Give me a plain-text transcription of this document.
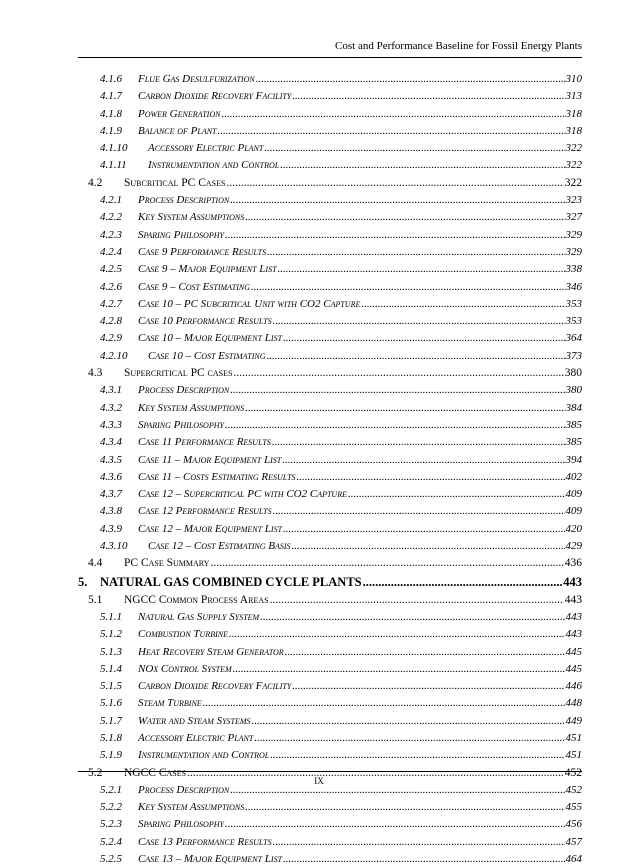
Cost and Performance Baseline for Fossil Energy Plants
4.1.6	Flue Gas Desulfurization .....	310
4.1.7	Carbon Dioxide Recovery Facility .....	313
4.1.8	Power Generation .....	318
4.1.9	Balance of Plant .....	318
4.1.10	Accessory Electric Plant .....	322
4.1.11	Instrumentation and Control .....	322
4.2	Subcritical PC Cases .....	322
4.2.1	Process Description .....	323
4.2.2	Key System Assumptions .....	327
4.2.3	Sparing Philosophy .....	329
4.2.4	Case 9 Performance Results .....	329
4.2.5	Case 9 – Major Equipment List .....	338
4.2.6	Case 9 – Cost Estimating .....	346
4.2.7	Case 10 – PC Subcritical Unit with CO2 Capture .....	353
4.2.8	Case 10 Performance Results .....	353
4.2.9	Case 10 – Major Equipment List .....	364
4.2.10	Case 10 – Cost Estimating .....	373
4.3	Supercritical PC cases .....	380
4.3.1	Process Description .....	380
4.3.2	Key System Assumptions .....	384
4.3.3	Sparing Philosophy .....	385
4.3.4	Case 11 Performance Results .....	385
4.3.5	Case 11 – Major Equipment List .....	394
4.3.6	Case 11 – Costs Estimating Results .....	402
4.3.7	Case 12 – Supercritical PC with CO2 Capture .....	409
4.3.8	Case 12 Performance Results .....	409
4.3.9	Case 12 – Major Equipment List .....	420
4.3.10	Case 12 – Cost Estimating Basis .....	429
4.4	PC Case Summary .....	436
5.	NATURAL GAS COMBINED CYCLE PLANTS .....	443
5.1	NGCC Common Process Areas .....	443
5.1.1	Natural Gas Supply System .....	443
5.1.2	Combustion Turbine .....	443
5.1.3	Heat Recovery Steam Generator .....	445
5.1.4	NOx Control System .....	445
5.1.5	Carbon Dioxide Recovery Facility .....	446
5.1.6	Steam Turbine .....	448
5.1.7	Water and Steam Systems .....	449
5.1.8	Accessory Electric Plant .....	451
5.1.9	Instrumentation and Control .....	451
5.2	NGCC Cases .....	452
5.2.1	Process Description .....	452
5.2.2	Key System Assumptions .....	455
5.2.3	Sparing Philosophy .....	456
5.2.4	Case 13 Performance Results .....	457
5.2.5	Case 13 – Major Equipment List .....	464
IX
